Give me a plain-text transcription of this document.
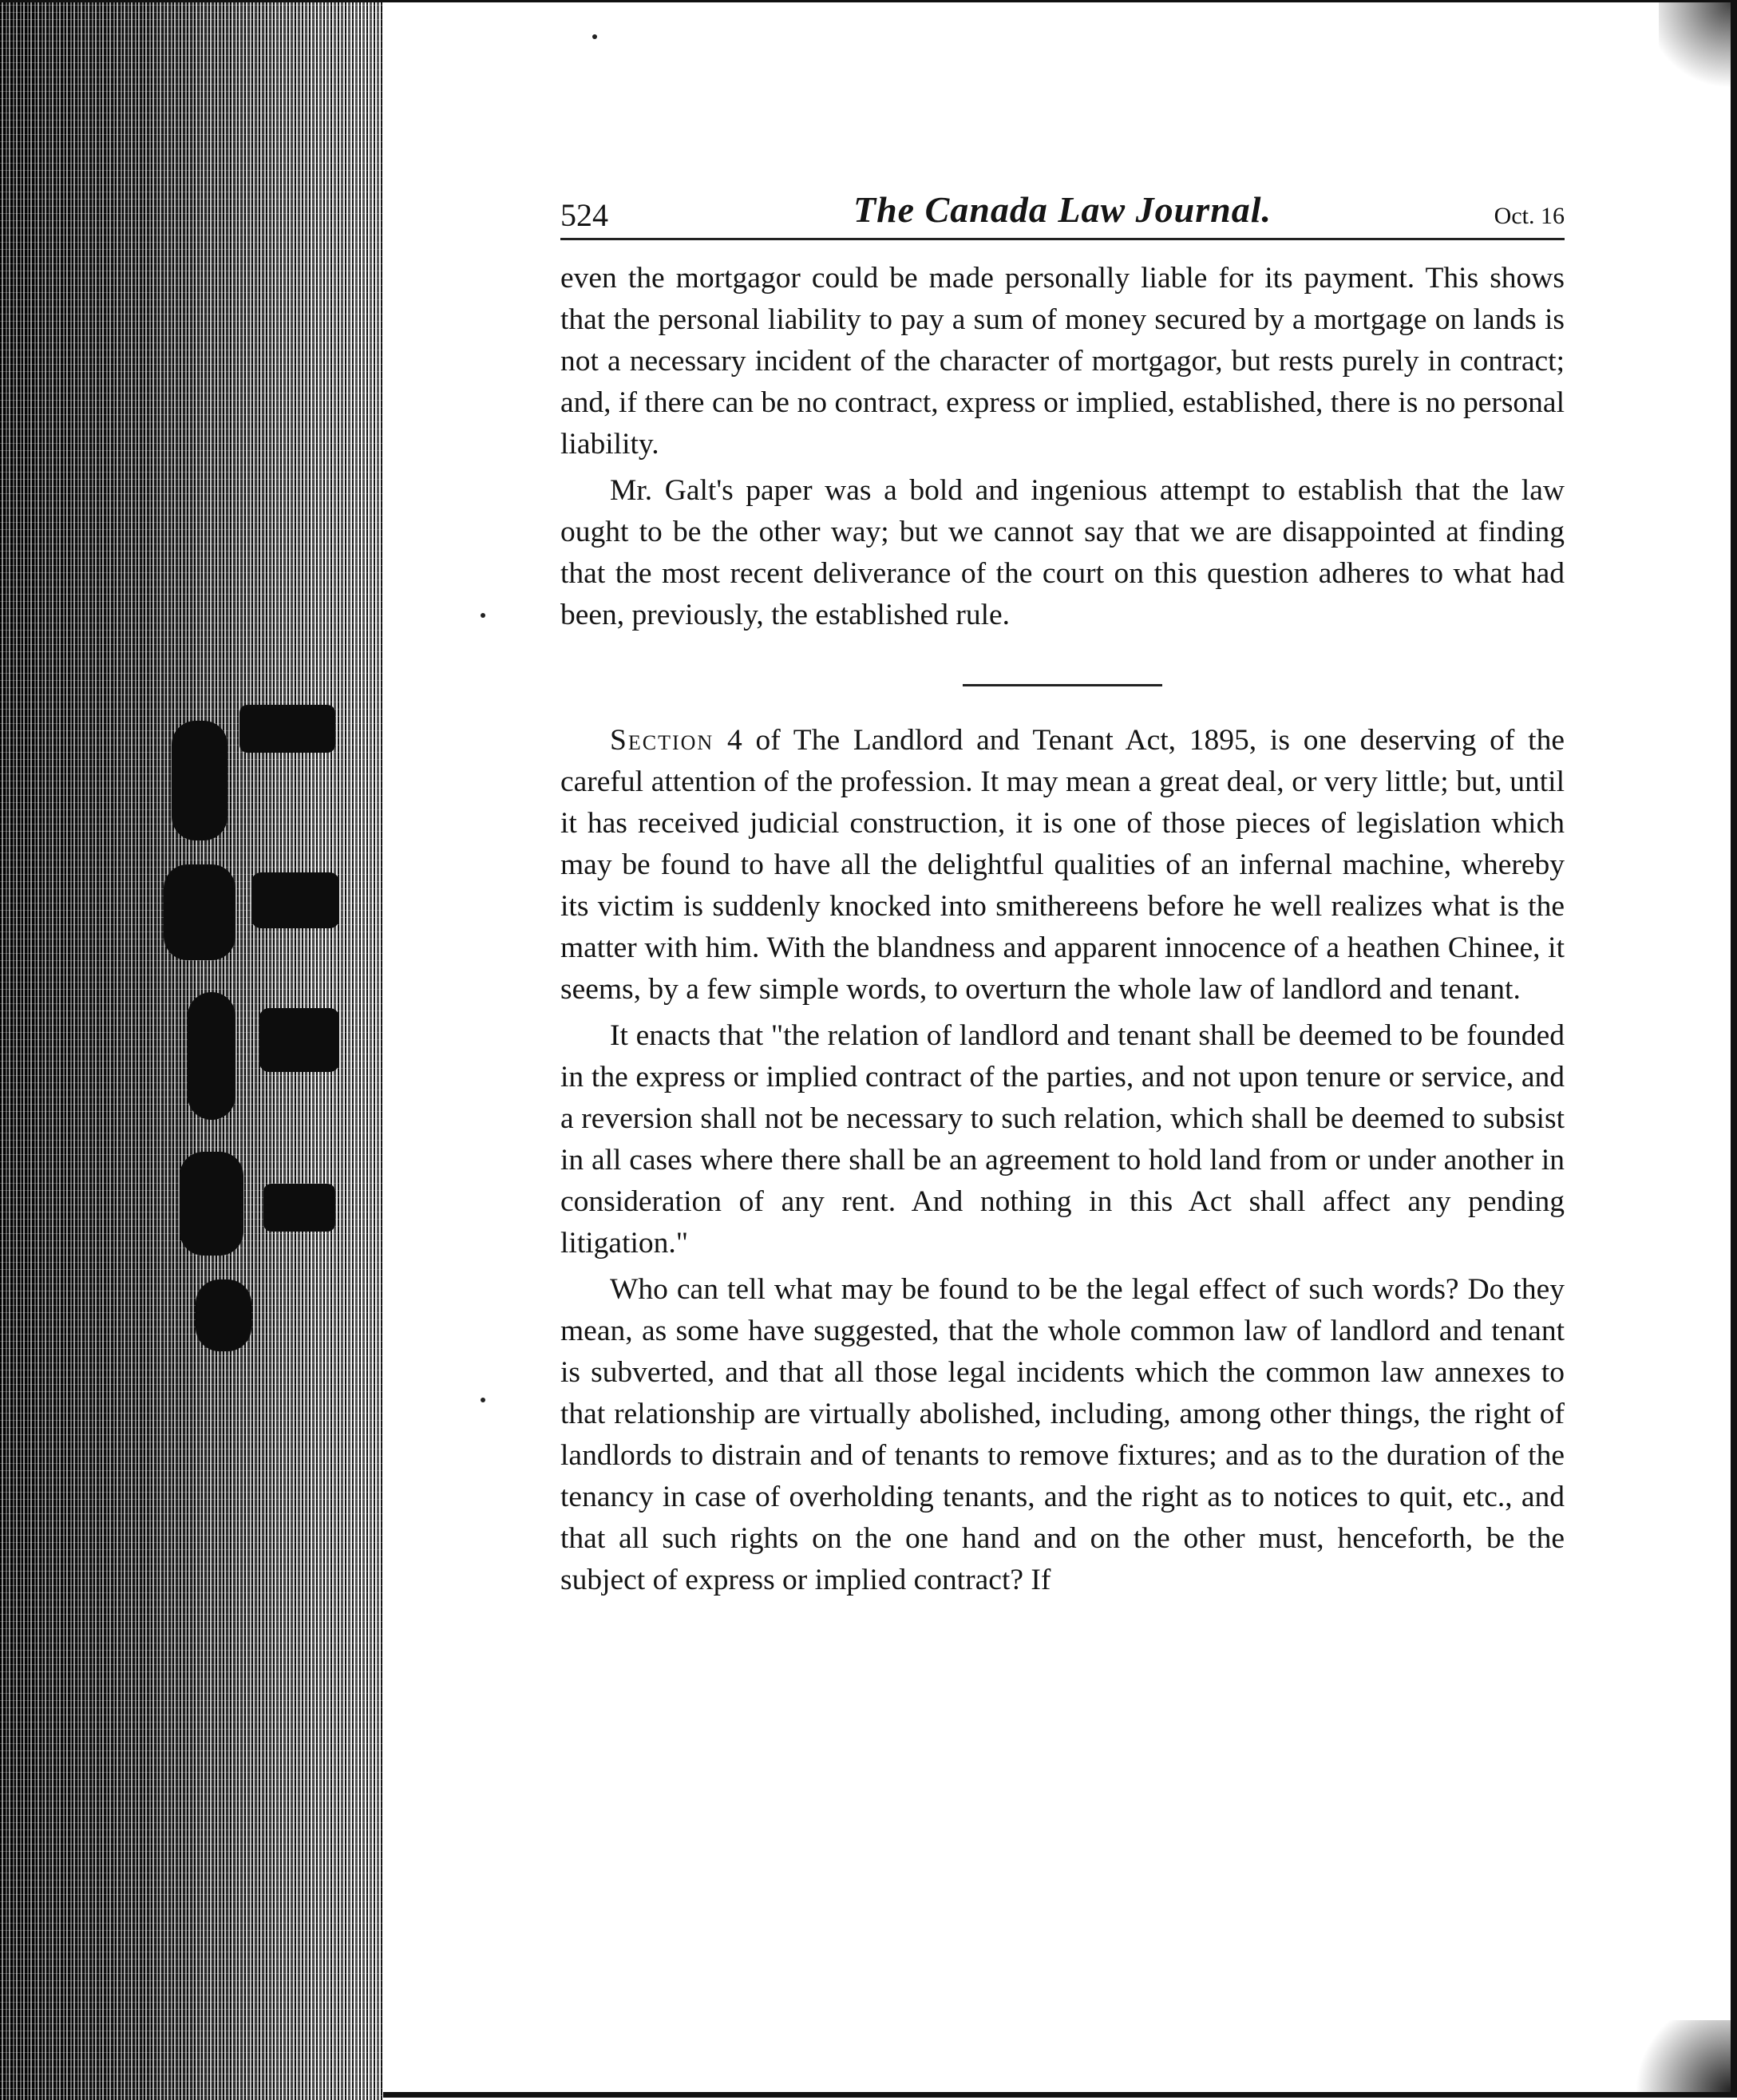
524	The Canada Law Journal.	Oct. 16

even the mortgagor could be made personally liable for its payment. This shows that the personal liability to pay a sum of money secured by a mortgage on lands is not a necessary incident of the character of mortgagor, but rests purely in contract; and, if there can be no contract, express or implied, established, there is no personal liability.

Mr. Galt's paper was a bold and ingenious attempt to establish that the law ought to be the other way; but we cannot say that we are disappointed at finding that the most recent deliverance of the court on this question adheres to what had been, previously, the established rule.

Section 4 of The Landlord and Tenant Act, 1895, is one deserving of the careful attention of the profession. It may mean a great deal, or very little; but, until it has received judicial construction, it is one of those pieces of legislation which may be found to have all the delightful qualities of an infernal machine, whereby its victim is suddenly knocked into smithereens before he well realizes what is the matter with him. With the blandness and apparent innocence of a heathen Chinee, it seems, by a few simple words, to overturn the whole law of landlord and tenant.

It enacts that "the relation of landlord and tenant shall be deemed to be founded in the express or implied contract of the parties, and not upon tenure or service, and a reversion shall not be necessary to such relation, which shall be deemed to subsist in all cases where there shall be an agreement to hold land from or under another in consideration of any rent. And nothing in this Act shall affect any pending litigation."

Who can tell what may be found to be the legal effect of such words? Do they mean, as some have suggested, that the whole common law of landlord and tenant is subverted, and that all those legal incidents which the common law annexes to that relationship are virtually abolished, including, among other things, the right of landlords to distrain and of tenants to remove fixtures; and as to the duration of the tenancy in case of overholding tenants, and the right as to notices to quit, etc., and that all such rights on the one hand and on the other must, henceforth, be the subject of express or implied contract? If
